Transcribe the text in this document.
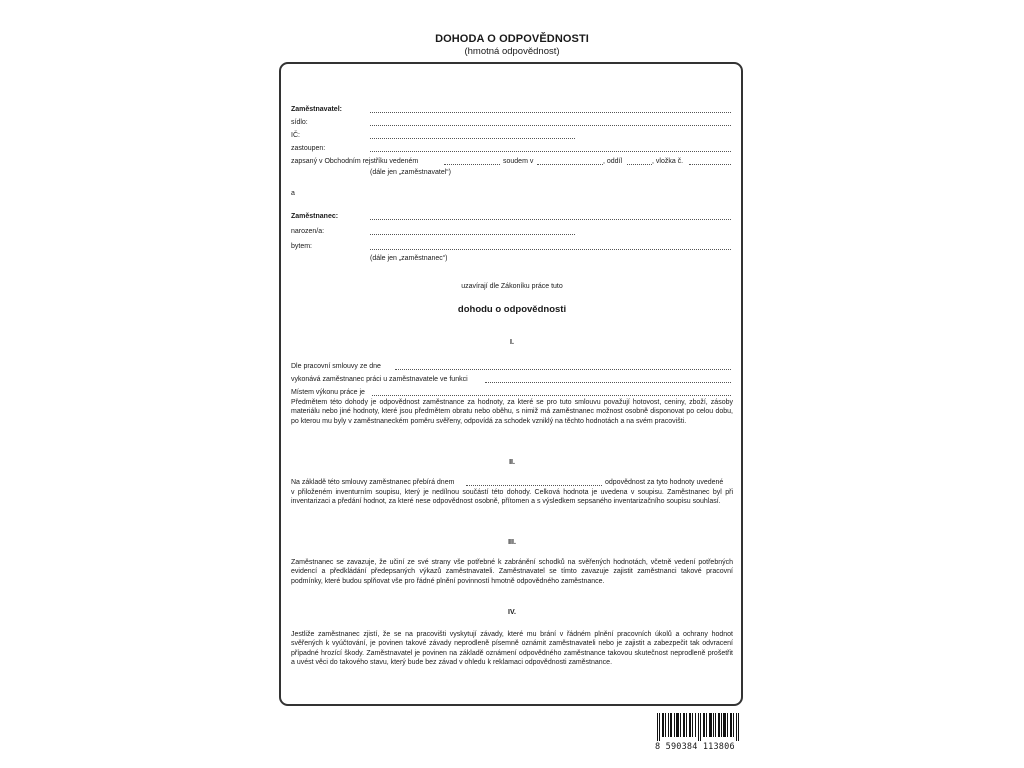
DOHODA O ODPOVĚDNOSTI
(hmotná odpovědnost)
Zaměstnavatel:
sídlo:
IČ:
zastoupen:
zapsaný v Obchodním rejstříku vedeném	soudem v	, oddíl	, vložka č.
(dále jen „zaměstnavatel“)
a
Zaměstnanec:
narozen/a:
bytem:
(dále jen „zaměstnanec“)
uzavírají dle Zákoníku práce tuto
dohodu o odpovědnosti
I.
Dle pracovní smlouvy ze dne
vykonává zaměstnanec práci u zaměstnavatele ve funkci
Místem výkonu práce je
Předmětem této dohody je odpovědnost zaměstnance za hodnoty, za které se pro tuto smlouvu považují hotovost, ceniny, zboží, zásoby materiálu nebo jiné hodnoty, které jsou předmětem obratu nebo oběhu, s nimiž má zaměstnanec možnost osobně disponovat po celou dobu, po kterou mu byly v zaměstnaneckém poměru svěřeny, odpovídá za schodek vzniklý na těchto hodnotách a na svém pracovišti.
II.
Na základě této smlouvy zaměstnanec přebírá dnem	odpovědnost za tyto hodnoty uvedené
v přiloženém inventurním soupisu, který je nedílnou součástí této dohody. Celková hodnota je uvedena v soupisu. Zaměstnanec byl při inventarizaci a předání hodnot, za které nese odpovědnost osobně, přítomen a s výsledkem sepsaného inventarizačního soupisu souhlasí.
III.
Zaměstnanec se zavazuje, že učiní ze své strany vše potřebné k zabránění schodků na svěřených hodnotách, včetně vedení potřebných evidencí a předkládání předepsaných výkazů zaměstnavateli. Zaměstnavatel se tímto zavazuje zajistit zaměstnanci takové pracovní podmínky, které budou splňovat vše pro řádné plnění povinností hmotně odpovědného zaměstnance.
IV.
Jestliže zaměstnanec zjistí, že se na pracovišti vyskytují závady, které mu brání v řádném plnění pracovních úkolů a ochrany hodnot svěřených k vyúčtování, je povinen takové závady neprodleně písemně oznámit zaměstnavateli nebo je zajistit a zabezpečit tak odvracení případné hrozící škody. Zaměstnavatel je povinen na základě oznámení odpovědného zaměstnance takovou skutečnost neprodleně prošetřit a uvést věci do takového stavu, který bude bez závad v ohledu k reklamaci odpovědnosti zaměstnance.
8 590384 113806
